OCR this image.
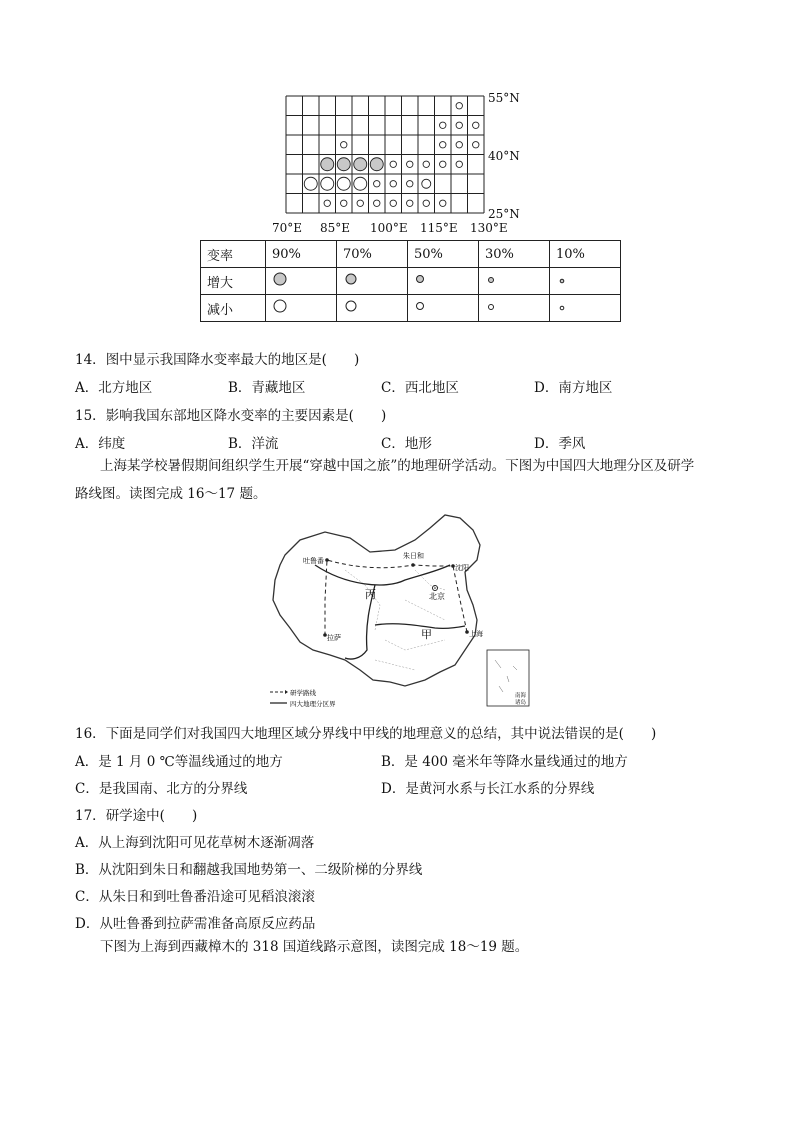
55°N
40°N
25°N
70°E 85°E 100°E 115°E 130°E
变率	90%	70%	50%	30%	10%
增大					
减小					
14．图中显示我国降水变率最大的地区是(　　)
A．北方地区	B．青藏地区	C．西北地区	D．南方地区
15．影响我国东部地区降水变率的主要因素是(　　)
A．纬度	B．洋流	C．地形	D．季风
上海某学校暑假期间组织学生开展“穿越中国之旅”的地理研学活动。下图为中国四大地理分区及研学
路线图。读图完成 16～17 题。
吐鲁番
朱日和
沈阳
北京
拉萨	上海
丙
甲
研学路线
四大地理分区界
南海
诸岛
16．下面是同学们对我国四大地理区域分界线中甲线的地理意义的总结，其中说法错误的是(　　)
A．是 1 月 0 ℃等温线通过的地方	B．是 400 毫米年等降水量线通过的地方
C．是我国南、北方的分界线	D．是黄河水系与长江水系的分界线
17．研学途中(　　)
A．从上海到沈阳可见花草树木逐渐凋落
B．从沈阳到朱日和翻越我国地势第一、二级阶梯的分界线
C．从朱日和到吐鲁番沿途可见稻浪滚滚
D．从吐鲁番到拉萨需准备高原反应药品
下图为上海到西藏樟木的 318 国道线路示意图，读图完成 18～19 题。
